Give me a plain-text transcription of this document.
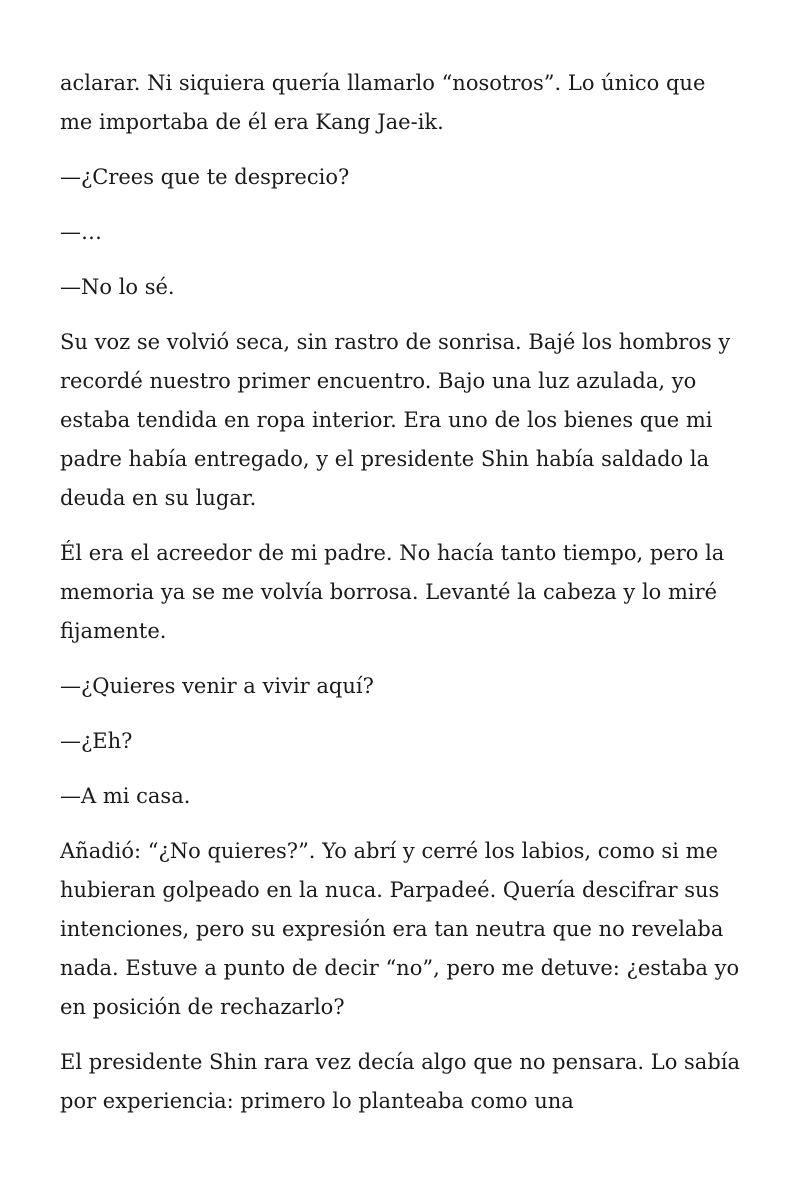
aclarar. Ni siquiera quería llamarlo “nosotros”. Lo único que me importaba de él era Kang Jae-ik.

—¿Crees que te desprecio?

—…

—No lo sé.

Su voz se volvió seca, sin rastro de sonrisa. Bajé los hombros y recordé nuestro primer encuentro. Bajo una luz azulada, yo estaba tendida en ropa interior. Era uno de los bienes que mi padre había entregado, y el presidente Shin había saldado la deuda en su lugar.

Él era el acreedor de mi padre. No hacía tanto tiempo, pero la memoria ya se me volvía borrosa. Levanté la cabeza y lo miré fijamente.

—¿Quieres venir a vivir aquí?

—¿Eh?

—A mi casa.

Añadió: “¿No quieres?”. Yo abrí y cerré los labios, como si me hubieran golpeado en la nuca. Parpadeé. Quería descifrar sus intenciones, pero su expresión era tan neutra que no revelaba nada. Estuve a punto de decir “no”, pero me detuve: ¿estaba yo en posición de rechazarlo?

El presidente Shin rara vez decía algo que no pensara. Lo sabía por experiencia: primero lo planteaba como una
